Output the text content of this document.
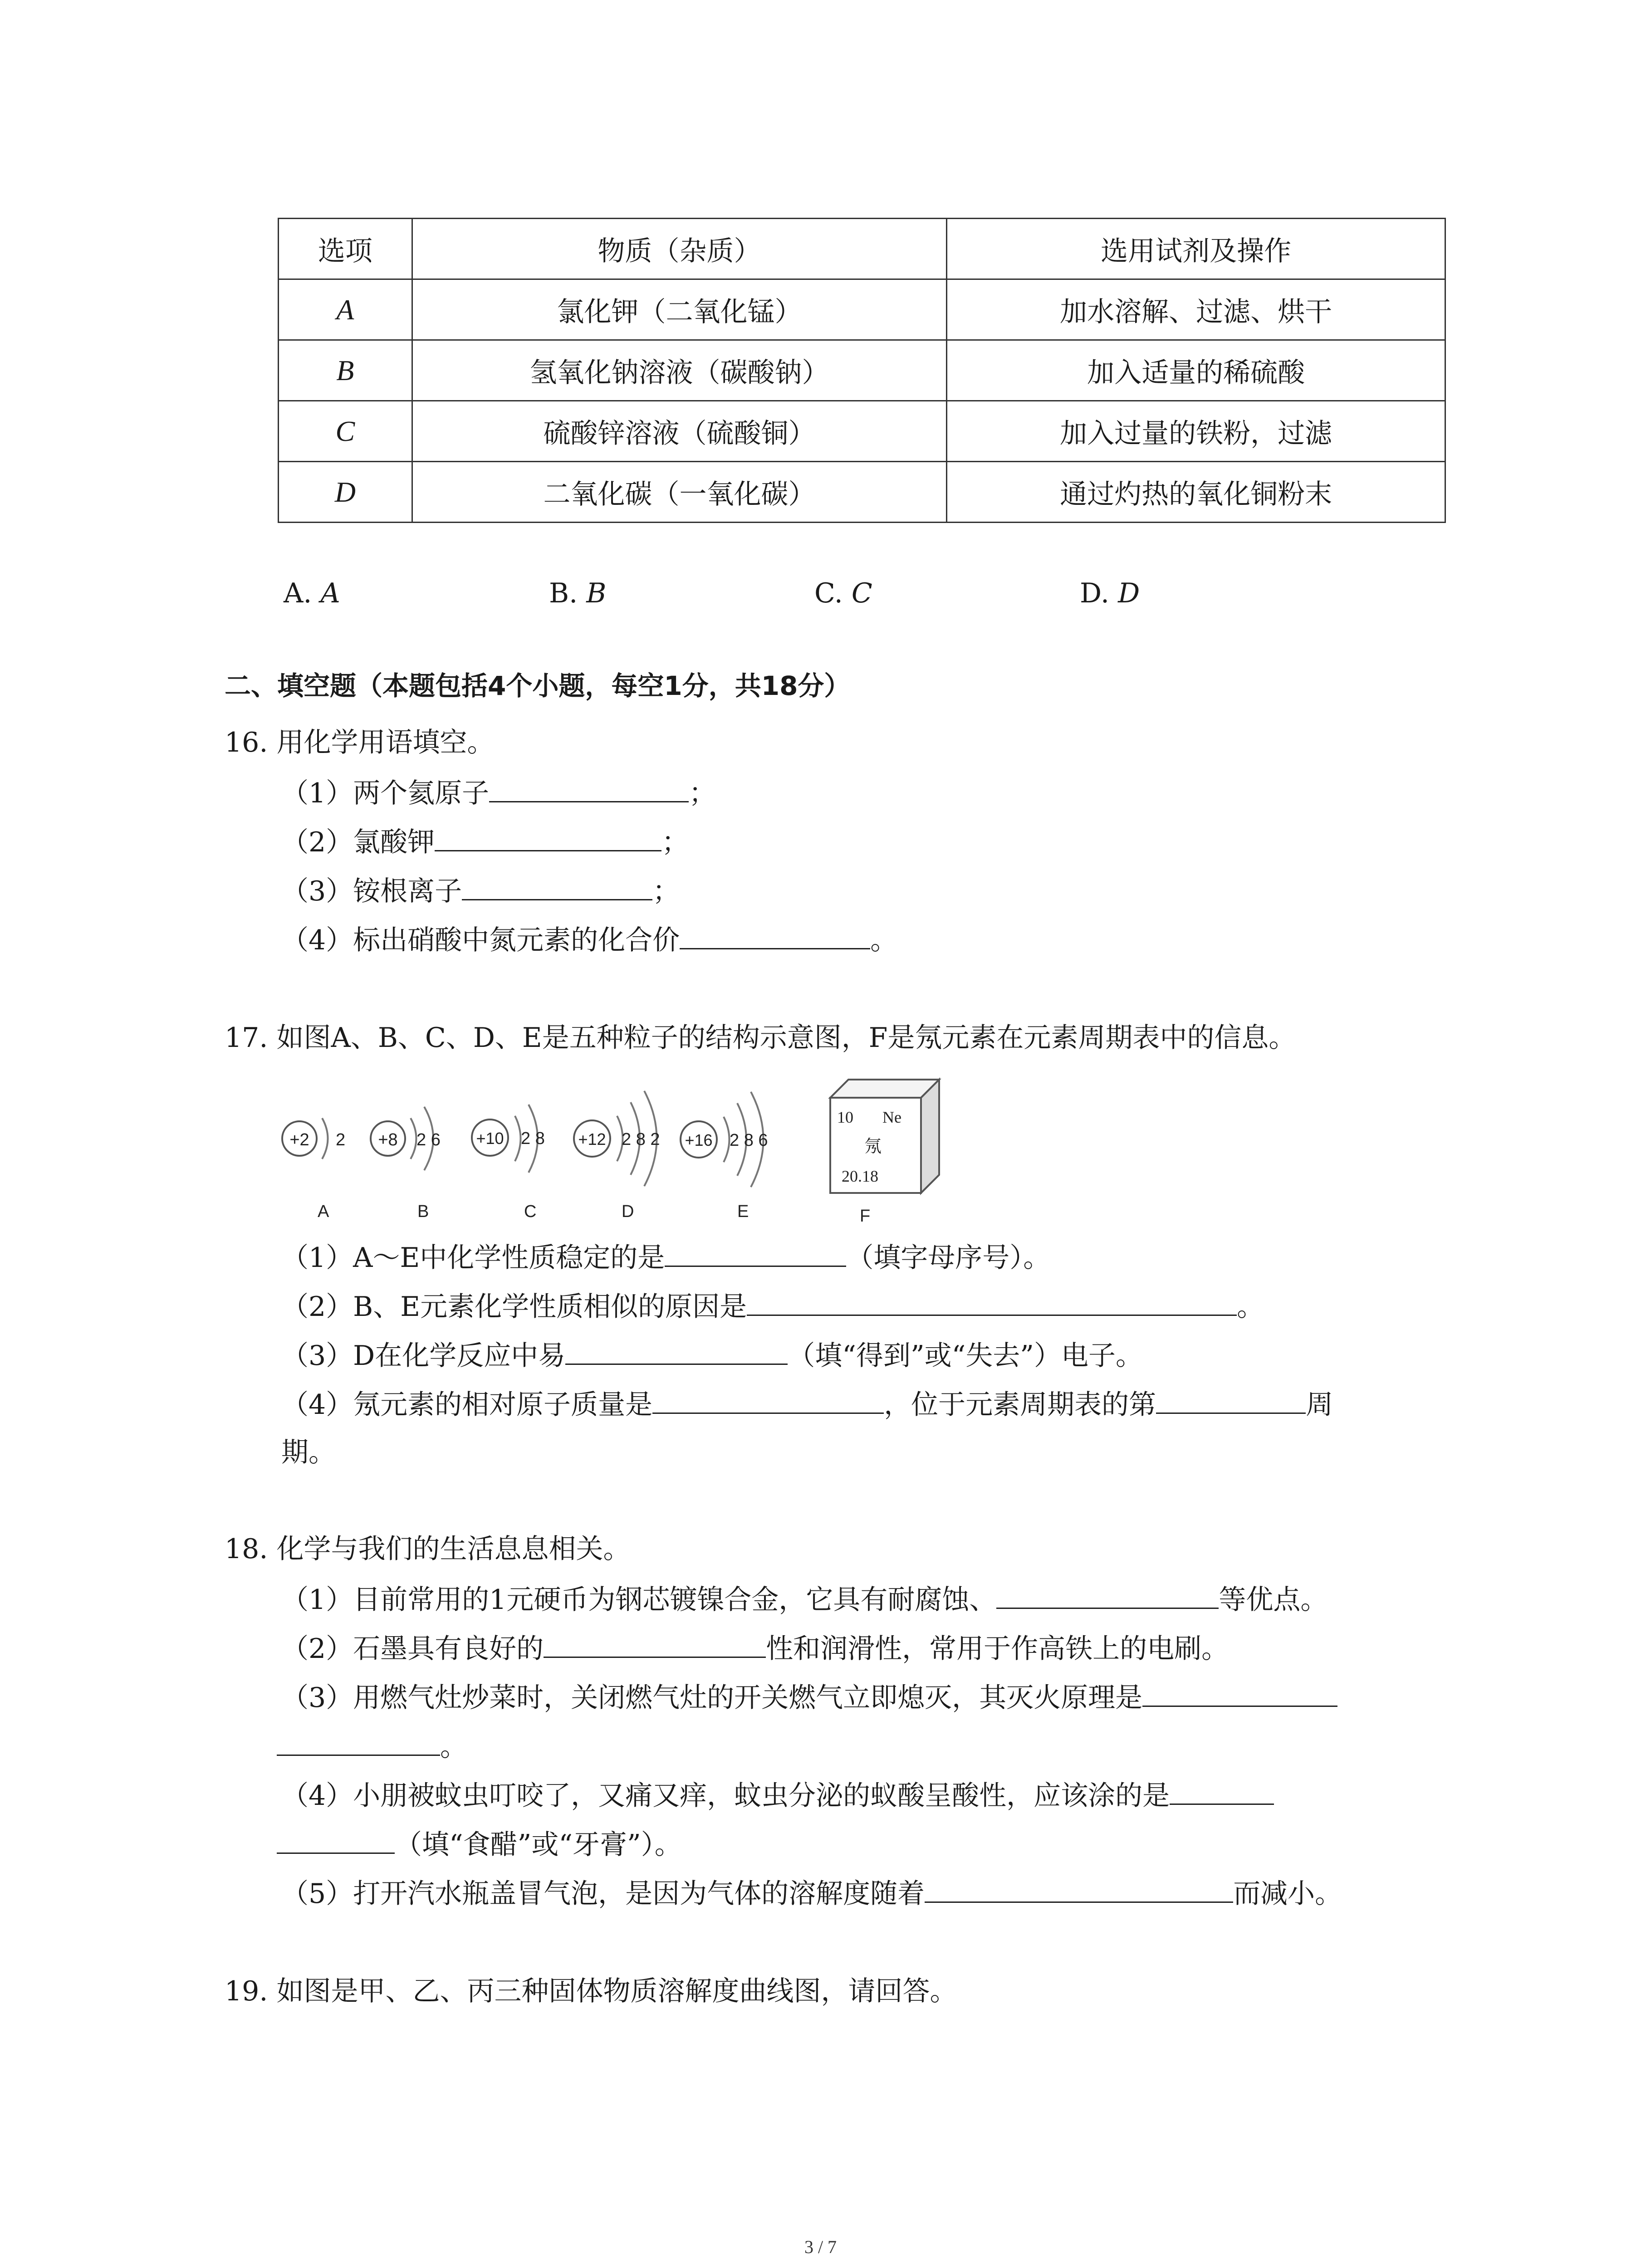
选项	物质（杂质）	选用试剂及操作
A	氯化钾（二氧化锰）	加水溶解、过滤、烘干
B	氢氧化钠溶液（碳酸钠）	加入适量的稀硫酸
C	硫酸锌溶液（硫酸铜）	加入过量的铁粉，过滤
D	二氧化碳（一氧化碳）	通过灼热的氧化铜粉末
A. A	B. B	C. C	D. D
二、填空题（本题包括4个小题，每空1分，共18分）
16. 用化学用语填空。
（1）两个氦原子	；
（2）氯酸钾	；
（3）铵根离子	；
（4）标出硝酸中氮元素的化合价	。
17. 如图A、B、C、D、E是五种粒子的结构示意图，F是氖元素在元素周期表中的信息。
+2 2 +8 2 6 +10 2 8 +12 2 8 2 +16 2 8 6
10 Ne
氖
20.18
A	B	C	D	E	F
（1）A～E中化学性质稳定的是	（填字母序号）。
（2）B、E元素化学性质相似的原因是	。
（3）D在化学反应中易	（填“得到”或“失去”）电子。
（4）氖元素的相对原子质量是	，位于元素周期表的第	周
期。
18. 化学与我们的生活息息相关。
（1）目前常用的1元硬币为钢芯镀镍合金，它具有耐腐蚀、	等优点。
（2）石墨具有良好的	性和润滑性，常用于作高铁上的电刷。
（3）用燃气灶炒菜时，关闭燃气灶的开关燃气立即熄灭，其灭火原理是
。
（4）小朋被蚊虫叮咬了，又痛又痒，蚊虫分泌的蚁酸呈酸性，应该涂的是
（填“食醋”或“牙膏”）。
（5）打开汽水瓶盖冒气泡，是因为气体的溶解度随着	而减小。
19. 如图是甲、乙、丙三种固体物质溶解度曲线图，请回答。
3 / 7
